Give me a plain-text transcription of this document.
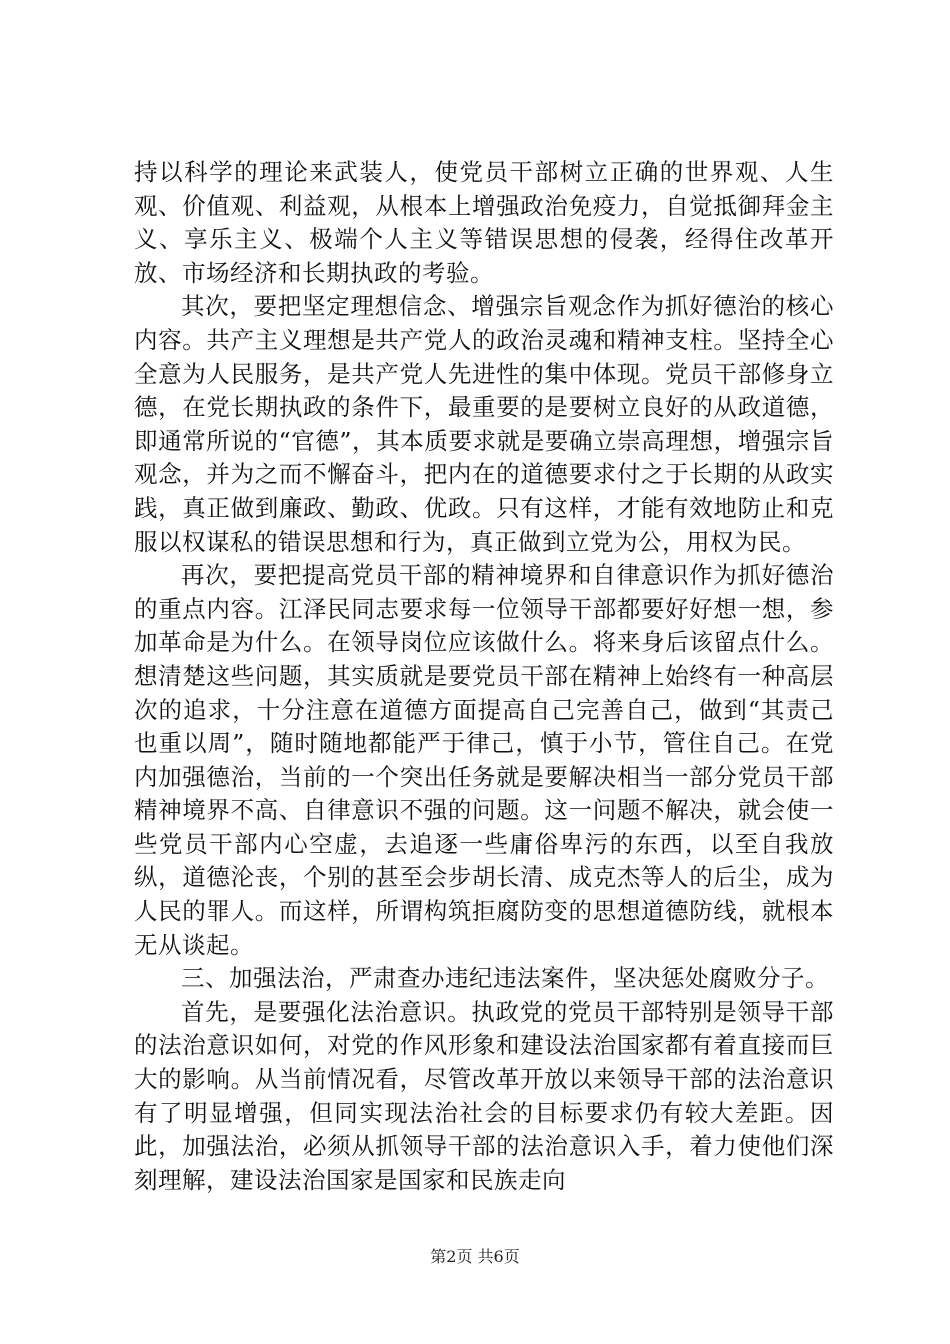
持以科学的理论来武装人，使党员干部树立正确的世界观、人生观、价值观、利益观，从根本上增强政治免疫力，自觉抵御拜金主义、享乐主义、极端个人主义等错误思想的侵袭，经得住改革开放、市场经济和长期执政的考验。

其次，要把坚定理想信念、增强宗旨观念作为抓好德治的核心内容。共产主义理想是共产党人的政治灵魂和精神支柱。坚持全心全意为人民服务，是共产党人先进性的集中体现。党员干部修身立德，在党长期执政的条件下，最重要的是要树立良好的从政道德，即通常所说的“官德”，其本质要求就是要确立崇高理想，增强宗旨观念，并为之而不懈奋斗，把内在的道德要求付之于长期的从政实践，真正做到廉政、勤政、优政。只有这样，才能有效地防止和克服以权谋私的错误思想和行为，真正做到立党为公，用权为民。

再次，要把提高党员干部的精神境界和自律意识作为抓好德治的重点内容。江泽民同志要求每一位领导干部都要好好想一想，参加革命是为什么。在领导岗位应该做什么。将来身后该留点什么。想清楚这些问题，其实质就是要党员干部在精神上始终有一种高层次的追求，十分注意在道德方面提高自己完善自己，做到“其责己也重以周”，随时随地都能严于律己，慎于小节，管住自己。在党内加强德治，当前的一个突出任务就是要解决相当一部分党员干部精神境界不高、自律意识不强的问题。这一问题不解决，就会使一些党员干部内心空虚，去追逐一些庸俗卑污的东西，以至自我放纵，道德沦丧，个别的甚至会步胡长清、成克杰等人的后尘，成为人民的罪人。而这样，所谓构筑拒腐防变的思想道德防线，就根本无从谈起。

三、加强法治，严肃查办违纪违法案件，坚决惩处腐败分子。

首先，是要强化法治意识。执政党的党员干部特别是领导干部的法治意识如何，对党的作风形象和建设法治国家都有着直接而巨大的影响。从当前情况看，尽管改革开放以来领导干部的法治意识有了明显增强，但同实现法治社会的目标要求仍有较大差距。因此，加强法治，必须从抓领导干部的法治意识入手，着力使他们深刻理解，建设法治国家是国家和民族走向

第2页 共6页
